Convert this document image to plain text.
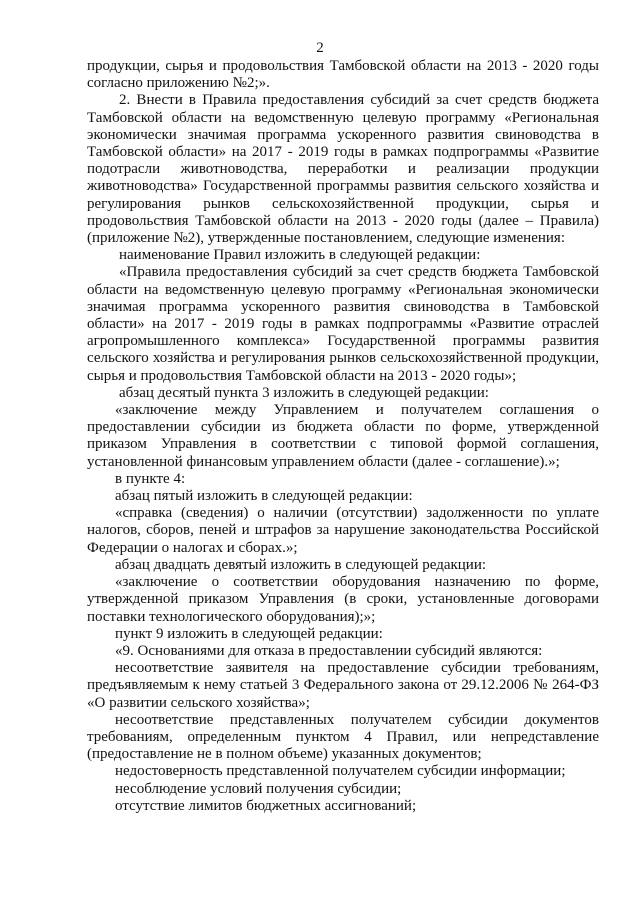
2

продукции, сырья и продовольствия Тамбовской области на 2013 - 2020 годы согласно приложению №2;».

2. Внести в Правила предоставления субсидий за счет средств бюджета Тамбовской области на ведомственную целевую программу «Региональная экономически значимая программа ускоренного развития свиноводства в Тамбовской области» на 2017 - 2019 годы в рамках подпрограммы «Развитие подотрасли животноводства, переработки и реализации продукции животноводства» Государственной программы развития сельского хозяйства и регулирования рынков сельскохозяйственной продукции, сырья и продовольствия Тамбовской области на 2013 - 2020 годы (далее – Правила) (приложение №2), утвержденные постановлением, следующие изменения:

наименование Правил изложить в следующей редакции:

«Правила предоставления субсидий за счет средств бюджета Тамбовской области на ведомственную целевую программу «Региональная экономически значимая программа ускоренного развития свиноводства в Тамбовской области» на 2017 - 2019 годы в рамках подпрограммы «Развитие отраслей агропромышленного комплекса» Государственной программы развития сельского хозяйства и регулирования рынков сельскохозяйственной продукции, сырья и продовольствия Тамбовской области на 2013 - 2020 годы»;

абзац десятый пункта 3 изложить в следующей редакции:

«заключение между Управлением и получателем соглашения о предоставлении субсидии из бюджета области по форме, утвержденной приказом Управления в соответствии с типовой формой соглашения, установленной финансовым управлением области (далее - соглашение).»;

в пункте 4:

абзац пятый изложить в следующей редакции:

«справка (сведения) о наличии (отсутствии) задолженности по уплате налогов, сборов, пеней и штрафов за нарушение законодательства Российской Федерации о налогах и сборах.»;

абзац двадцать девятый изложить в следующей редакции:

«заключение о соответствии оборудования назначению по форме, утвержденной приказом Управления (в сроки, установленные договорами поставки технологического оборудования);»;

пункт 9 изложить в следующей редакции:

«9. Основаниями для отказа в предоставлении субсидий являются:

несоответствие заявителя на предоставление субсидии требованиям, предъявляемым к нему статьей 3 Федерального закона от 29.12.2006 № 264-ФЗ «О развитии сельского хозяйства»;

несоответствие представленных получателем субсидии документов требованиям, определенным пунктом 4 Правил, или непредставление (предоставление не в полном объеме) указанных документов;

недостоверность представленной получателем субсидии информации;

несоблюдение условий получения субсидии;

отсутствие лимитов бюджетных ассигнований;
